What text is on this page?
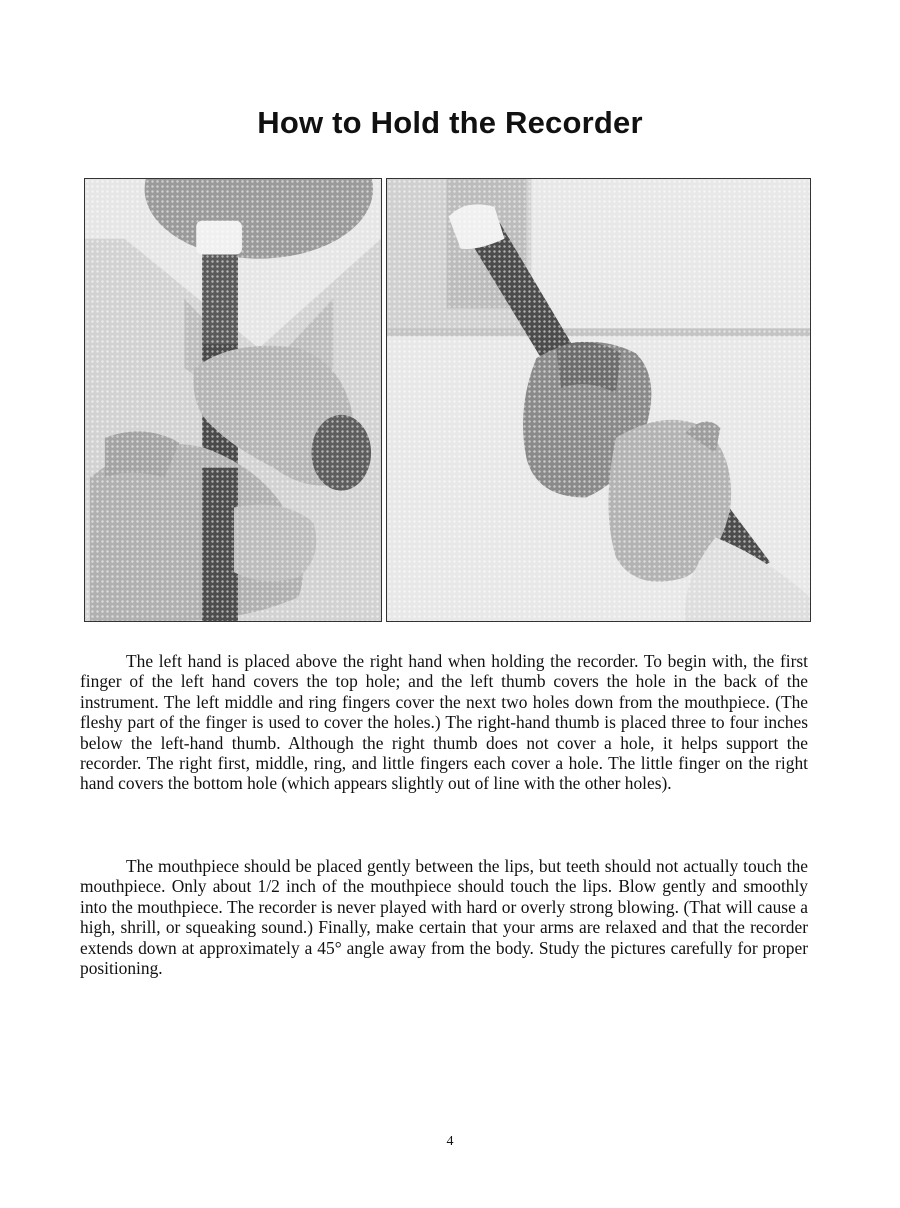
How to Hold the Recorder

The left hand is placed above the right hand when holding the recorder. To begin with, the first finger of the left hand covers the top hole; and the left thumb covers the hole in the back of the instrument. The left middle and ring fingers cover the next two holes down from the mouthpiece. (The fleshy part of the finger is used to cover the holes.) The right-hand thumb is placed three to four inches below the left-hand thumb. Although the right thumb does not cover a hole, it helps support the recorder. The right first, middle, ring, and little fingers each cover a hole. The little finger on the right hand covers the bottom hole (which appears slightly out of line with the other holes).

The mouthpiece should be placed gently between the lips, but teeth should not actually touch the mouthpiece. Only about 1/2 inch of the mouthpiece should touch the lips. Blow gently and smoothly into the mouthpiece. The recorder is never played with hard or overly strong blowing. (That will cause a high, shrill, or squeaking sound.) Finally, make certain that your arms are relaxed and that the recorder extends down at approximately a 45° angle away from the body. Study the pictures carefully for proper positioning.

4
